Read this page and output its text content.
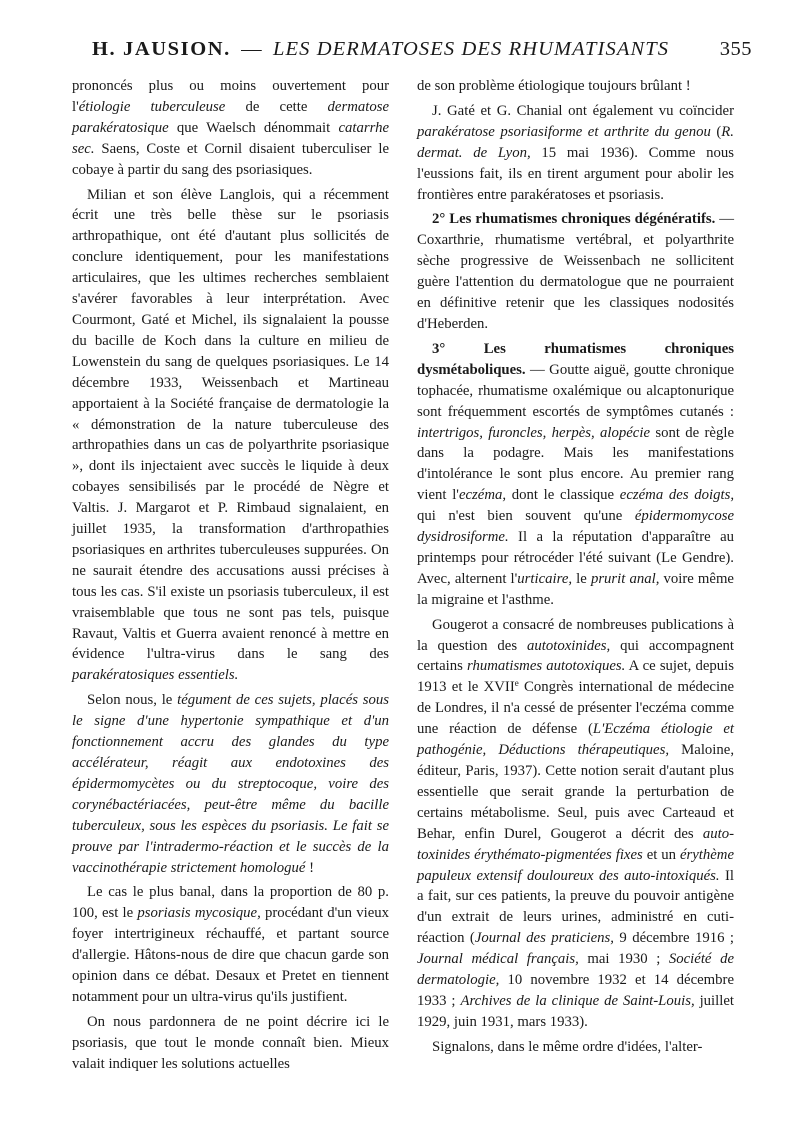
H. JAUSION. — LES DERMATOSES DES RHUMATISANTS 355

prononcés plus ou moins ouvertement pour l'étiologie tuberculeuse de cette dermatose parakératosique que Waelsch dénommait catarrhe sec. Saens, Coste et Cornil disaient tuberculiser le cobaye à partir du sang des psoriasiques.

Milian et son élève Langlois, qui a récemment écrit une très belle thèse sur le psoriasis arthropathique, ont été d'autant plus sollicités de conclure identiquement, pour les manifestations articulaires, que les ultimes recherches semblaient s'avérer favorables à leur interprétation. Avec Courmont, Gaté et Michel, ils signalaient la pousse du bacille de Koch dans la culture en milieu de Lowenstein du sang de quelques psoriasiques. Le 14 décembre 1933, Weissenbach et Martineau apportaient à la Société française de dermatologie la « démonstration de la nature tuberculeuse des arthropathies dans un cas de polyarthrite psoriasique », dont ils injectaient avec succès le liquide à deux cobayes sensibilisés par le procédé de Nègre et Valtis. J. Margarot et P. Rimbaud signalaient, en juillet 1935, la transformation d'arthropathies psoriasiques en arthrites tuberculeuses suppurées. On ne saurait étendre des accusations aussi précises à tous les cas. S'il existe un psoriasis tuberculeux, il est vraisemblable que tous ne sont pas tels, puisque Ravaut, Valtis et Guerra avaient renoncé à mettre en évidence l'ultra-virus dans le sang des parakératosiques essentiels.

Selon nous, le tégument de ces sujets, placés sous le signe d'une hypertonie sympathique et d'un fonctionnement accru des glandes du type accélérateur, réagit aux endotoxines des épidermomycètes ou du streptocoque, voire des corynébactériacées, peut-être même du bacille tuberculeux, sous les espèces du psoriasis. Le fait se prouve par l'intradermo-réaction et le succès de la vaccinothérapie strictement homologué !

Le cas le plus banal, dans la proportion de 80 p. 100, est le psoriasis mycosique, procédant d'un vieux foyer intertrigineux réchauffé, et partant source d'allergie. Hâtons-nous de dire que chacun garde son opinion dans ce débat. Desaux et Pretet en tiennent notamment pour un ultra-virus qu'ils justifient.

On nous pardonnera de ne point décrire ici le psoriasis, que tout le monde connaît bien. Mieux valait indiquer les solutions actuelles

de son problème étiologique toujours brûlant !

J. Gaté et G. Chanial ont également vu coïncider parakératose psoriasiforme et arthrite du genou (R. dermat. de Lyon, 15 mai 1936). Comme nous l'eussions fait, ils en tirent argument pour abolir les frontières entre parakératoses et psoriasis.

2° Les rhumatismes chroniques dégénératifs. — Coxarthrie, rhumatisme vertébral, et polyarthrite sèche progressive de Weissenbach ne sollicitent guère l'attention du dermatologue que ne pourraient en définitive retenir que les classiques nodosités d'Heberden.

3° Les rhumatismes chroniques dysmétaboliques. — Goutte aiguë, goutte chronique tophacée, rhumatisme oxalémique ou alcaptonurique sont fréquemment escortés de symptômes cutanés : intertrigos, furoncles, herpès, alopécie sont de règle dans la podagre. Mais les manifestations d'intolérance le sont plus encore. Au premier rang vient l'eczéma, dont le classique eczéma des doigts, qui n'est bien souvent qu'une épidermomycose dysidrosiforme. Il a la réputation d'apparaître au printemps pour rétrocéder l'été suivant (Le Gendre). Avec, alternent l'urticaire, le prurit anal, voire même la migraine et l'asthme.

Gougerot a consacré de nombreuses publications à la question des autotoxinides, qui accompagnent certains rhumatismes autotoxiques. A ce sujet, depuis 1913 et le XVIIe Congrès international de médecine de Londres, il n'a cessé de présenter l'eczéma comme une réaction de défense (L'Eczéma étiologie et pathogénie, Déductions thérapeutiques, Maloine, éditeur, Paris, 1937). Cette notion serait d'autant plus essentielle que serait grande la perturbation de certains métabolisme. Seul, puis avec Carteaud et Behar, enfin Durel, Gougerot a décrit des auto-toxinides érythémato-pigmentées fixes et un érythème papuleux extensif douloureux des auto-intoxiqués. Il a fait, sur ces patients, la preuve du pouvoir antigène d'un extrait de leurs urines, administré en cuti-réaction (Journal des praticiens, 9 décembre 1916 ; Journal médical français, mai 1930 ; Société de dermatologie, 10 novembre 1932 et 14 décembre 1933 ; Archives de la clinique de Saint-Louis, juillet 1929, juin 1931, mars 1933).

Signalons, dans le même ordre d'idées, l'alter-
